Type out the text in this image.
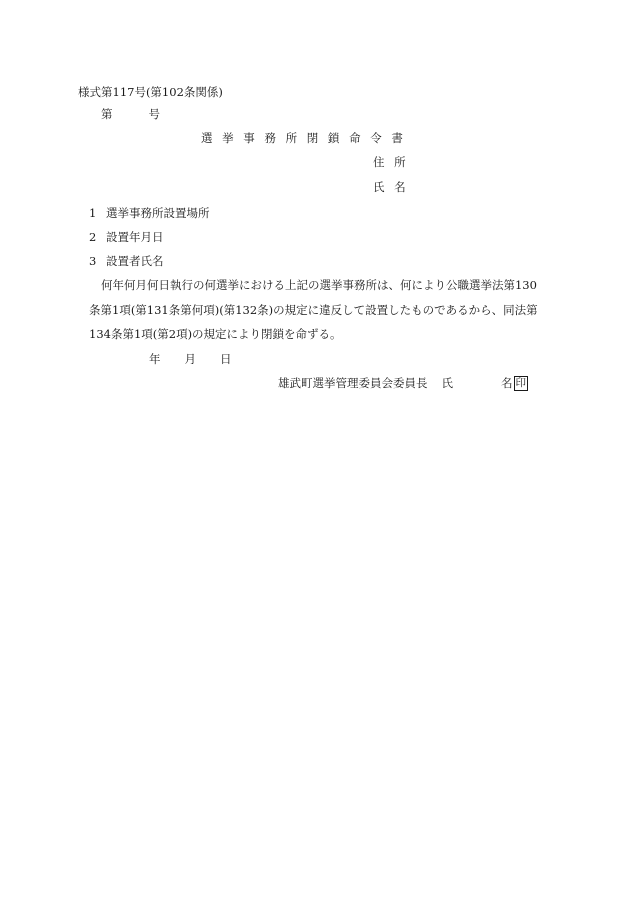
様式第117号(第102条関係)
第	号
選 挙 事 務 所 閉 鎖 命 令 書
住 所
氏 名
1 選挙事務所設置場所
2 設置年月日
3 設置者氏名
何年何月何日執行の何選挙における上記の選挙事務所は、何により公職選挙法第130
条第1項(第131条第何項)(第132条)の規定に違反して設置したものであるから、同法第
134条第1項(第2項)の規定により閉鎖を命ずる。
年 月 日
雄武町選挙管理委員会委員長 氏	名 印
